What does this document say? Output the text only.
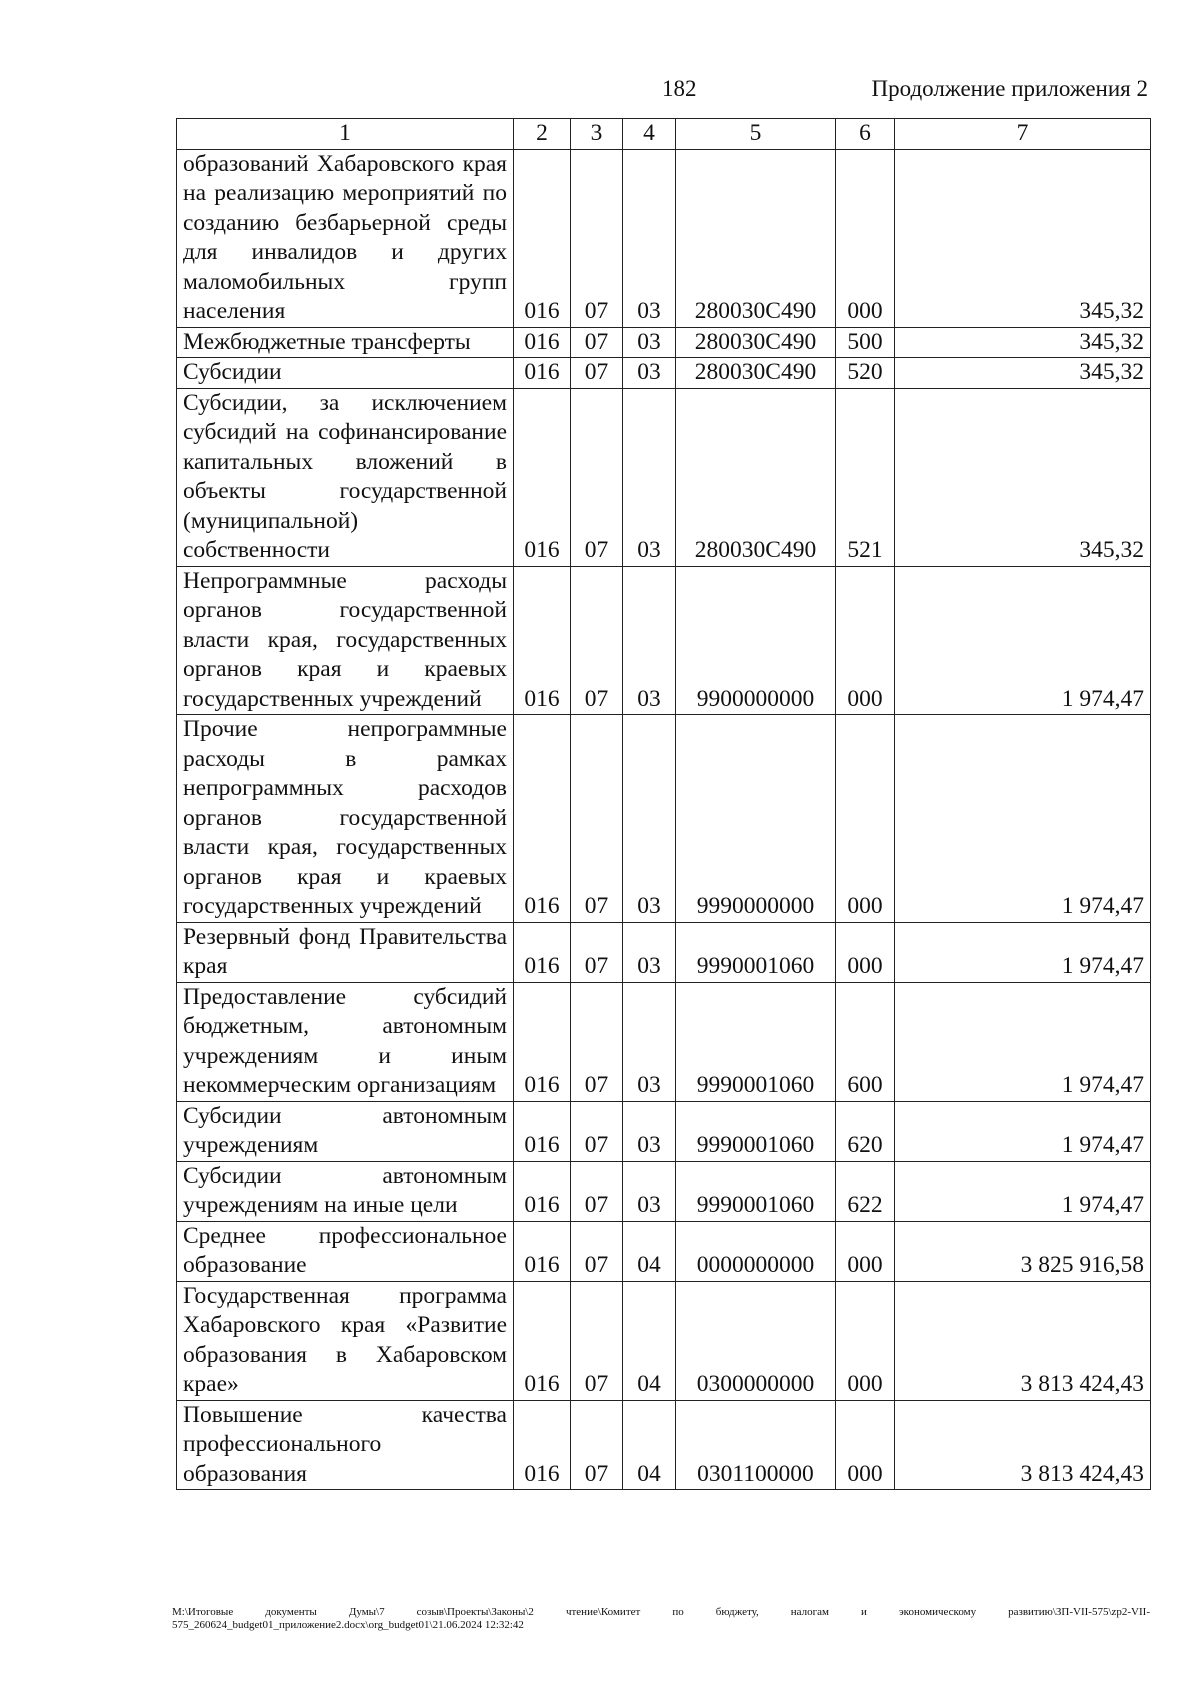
182	Продолжение приложения 2
1	2	3	4	5	6	7
образований Хабаровского края на реализацию мероприятий по созданию безбарьерной среды для инвалидов и других маломобильных групп населения	016	07	03	280030С490	000	345,32
Межбюджетные трансферты	016	07	03	280030С490	500	345,32
Субсидии	016	07	03	280030С490	520	345,32
Субсидии, за исключением субсидий на софинансирование капитальных вложений в объекты государственной (муниципальной) собственности	016	07	03	280030С490	521	345,32
Непрограммные расходы органов государственной власти края, государственных органов края и краевых государственных учреждений	016	07	03	9900000000	000	1 974,47
Прочие непрограммные расходы в рамках непрограммных расходов органов государственной власти края, государственных органов края и краевых государственных учреждений	016	07	03	9990000000	000	1 974,47
Резервный фонд Правительства края	016	07	03	9990001060	000	1 974,47
Предоставление субсидий бюджетным, автономным учреждениям и иным некоммерческим организациям	016	07	03	9990001060	600	1 974,47
Субсидии автономным учреждениям	016	07	03	9990001060	620	1 974,47
Субсидии автономным учреждениям на иные цели	016	07	03	9990001060	622	1 974,47
Среднее профессиональное образование	016	07	04	0000000000	000	3 825 916,58
Государственная программа Хабаровского края «Развитие образования в Хабаровском крае»	016	07	04	0300000000	000	3 813 424,43
Повышение качества профессионального образования	016	07	04	0301100000	000	3 813 424,43
M:\Итоговые документы Думы\7 созыв\Проекты\Законы\2 чтение\Комитет по бюджету, налогам и экономическому развитию\ЗП-VII-575\zp2-VII-575_260624_budget01_приложение2.docx\org_budget01\21.06.2024 12:32:42
